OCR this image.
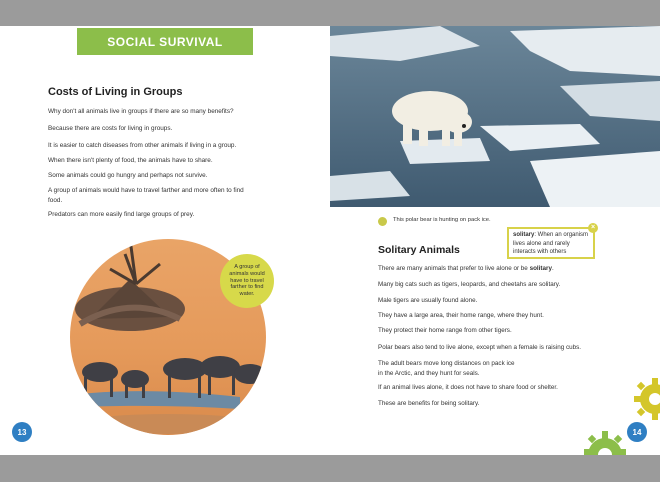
SOCIAL SURVIVAL
Costs of Living in Groups

Why don't all animals live in groups if there are so many benefits?

Because there are costs for living in groups.

It is easier to catch diseases from other animals if living in a group.

When there isn't plenty of food, the animals have to share.

Some animals could go hungry and perhaps not survive.

A group of animals would have to travel farther and more often to find food.

Predators can more easily find large groups of prey.

A group of animals would have to travel farther to find water.
13
This polar bear is hunting on pack ice.
solitary: When an organism lives alone and rarely interacts with others
×
Solitary Animals

There are many animals that prefer to live alone or be solitary.

Many big cats such as tigers, leopards, and cheetahs are solitary.

Male tigers are usually found alone.

They have a large area, their home range, where they hunt.

They protect their home range from other tigers.

Polar bears also tend to live alone, except when a female is raising cubs.

The adult bears move long distances on pack ice in the Arctic, and they hunt for seals.

If an animal lives alone, it does not have to share food or shelter.

These are benefits for being solitary.

14
